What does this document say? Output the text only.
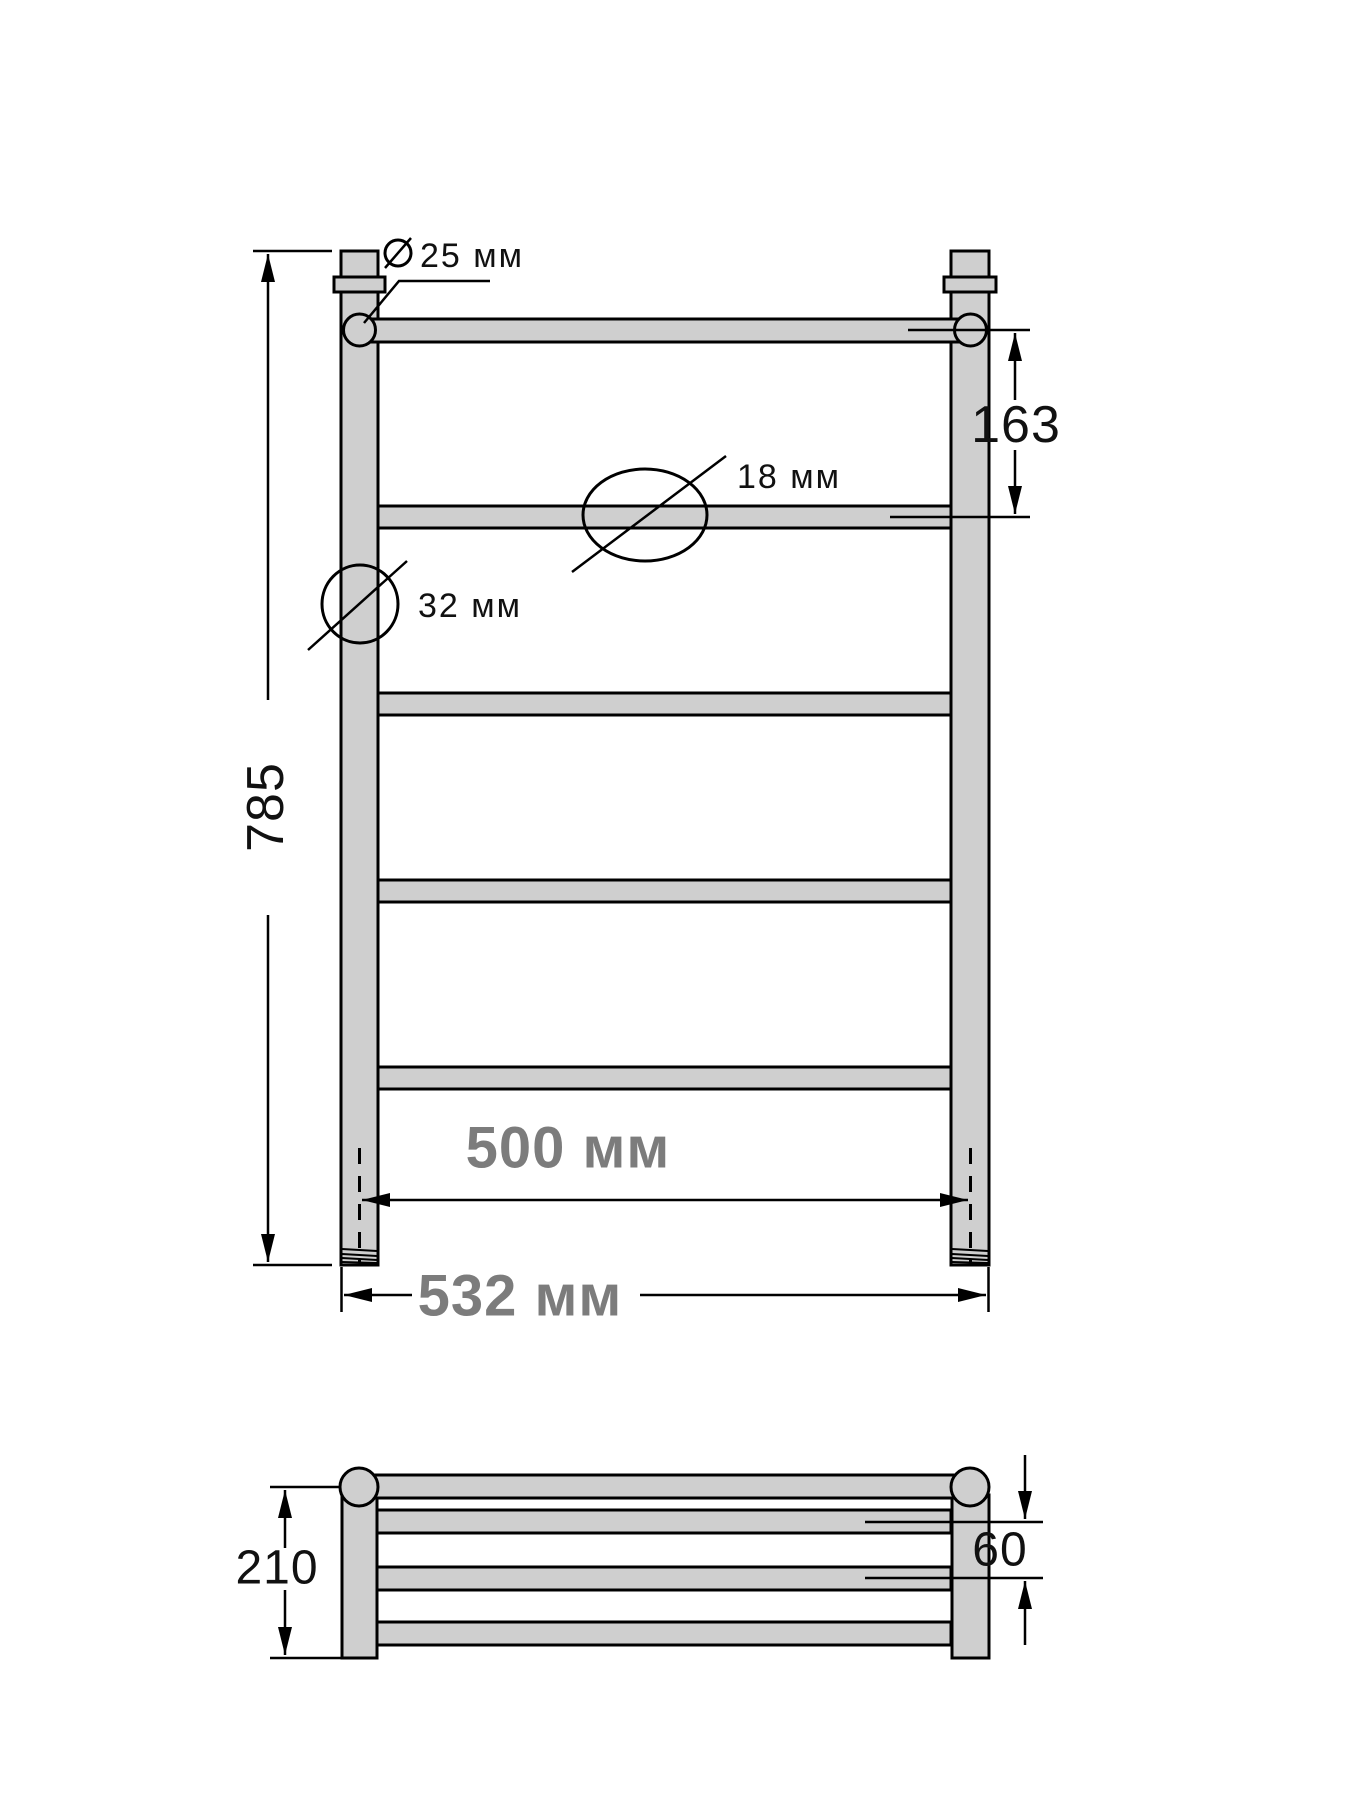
785
163
500 мм
532 мм
25 мм
18 мм
32 мм
210	60
